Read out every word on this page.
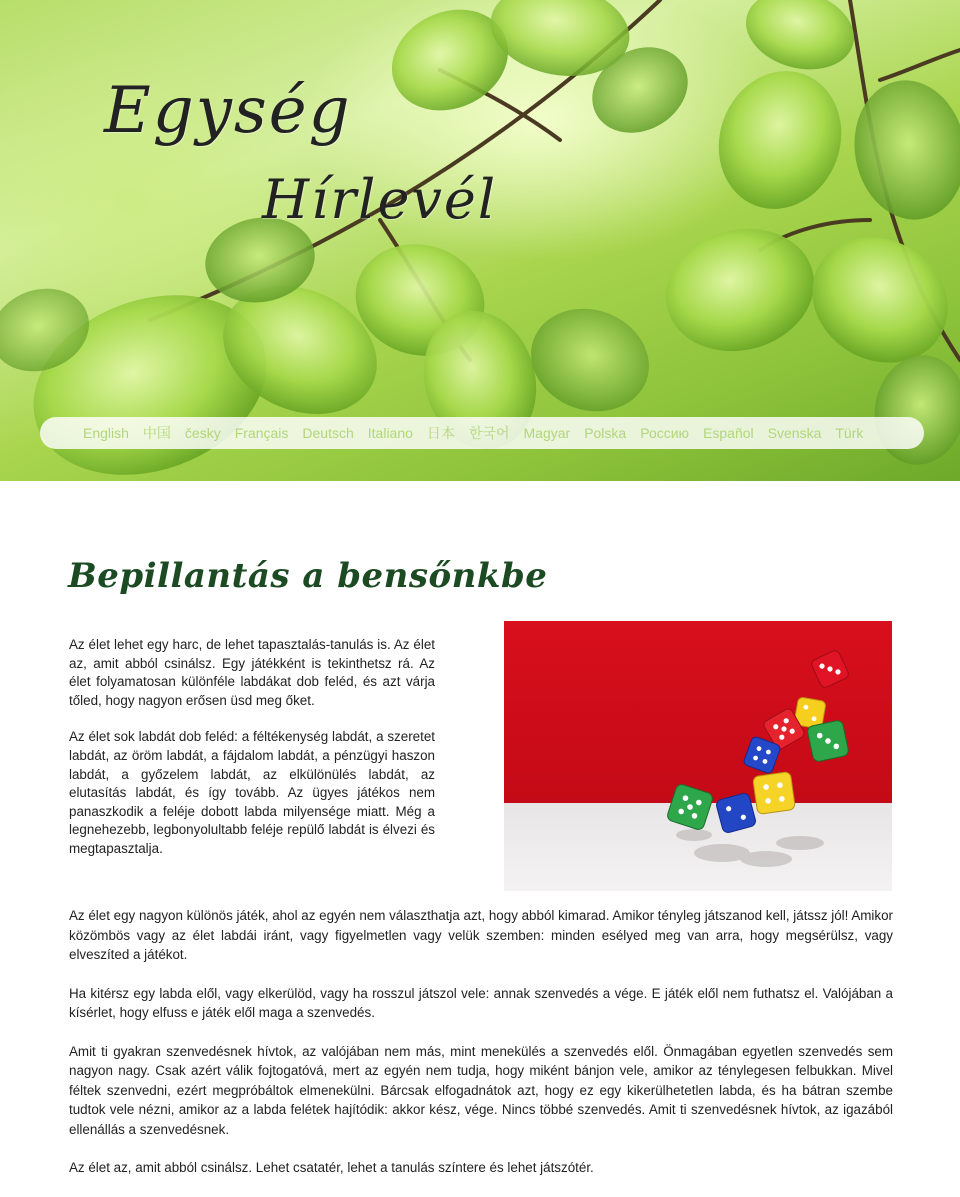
Egység
Hírlevél
English 中国 česky Français Deutsch Italiano 日本 한국어 Magyar Polska Россию Español Svenska Türk
Bepillantás a bensőnkbe

Az élet lehet egy harc, de lehet tapasztalás-tanulás is. Az élet az, amit abból csinálsz. Egy játékként is tekinthetsz rá. Az élet folyamatosan különféle labdákat dob feléd, és azt várja tőled, hogy nagyon erősen üsd meg őket.

Az élet sok labdát dob feléd: a féltékenység labdát, a szeretet labdát, az öröm labdát, a fájdalom labdát, a pénzügyi haszon labdát, a győzelem labdát, az elkülönülés labdát, az elutasítás labdát, és így tovább. Az ügyes játékos nem panaszkodik a feléje dobott labda milyensége miatt. Még a legnehezebb, legbonyolultabb feléje repülő labdát is élvezi és megtapasztalja.

Az élet egy nagyon különös játék, ahol az egyén nem választhatja azt, hogy abból kimarad. Amikor tényleg játszanod kell, játssz jól! Amikor közömbös vagy az élet labdái iránt, vagy figyelmetlen vagy velük szemben: minden esélyed meg van arra, hogy megsérülsz, vagy elveszíted a játékot.

Ha kitérsz egy labda elől, vagy elkerülöd, vagy ha rosszul játszol vele: annak szenvedés a vége. E játék elől nem futhatsz el. Valójában a kísérlet, hogy elfuss e játék elől maga a szenvedés.

Amit ti gyakran szenvedésnek hívtok, az valójában nem más, mint menekülés a szenvedés elől. Önmagában egyetlen szenvedés sem nagyon nagy. Csak azért válik fojtogatóvá, mert az egyén nem tudja, hogy miként bánjon vele, amikor az ténylegesen felbukkan. Mivel féltek szenvedni, ezért megpróbáltok elmenekülni. Bárcsak elfogadnátok azt, hogy ez egy kikerülhetetlen labda, és ha bátran szembe tudtok vele nézni, amikor az a labda felétek hajítódik: akkor kész, vége. Nincs többé szenvedés. Amit ti szenvedésnek hívtok, az igazából ellenállás a szenvedésnek.

Az élet az, amit abból csinálsz. Lehet csatatér, lehet a tanulás színtere és lehet játszótér.
